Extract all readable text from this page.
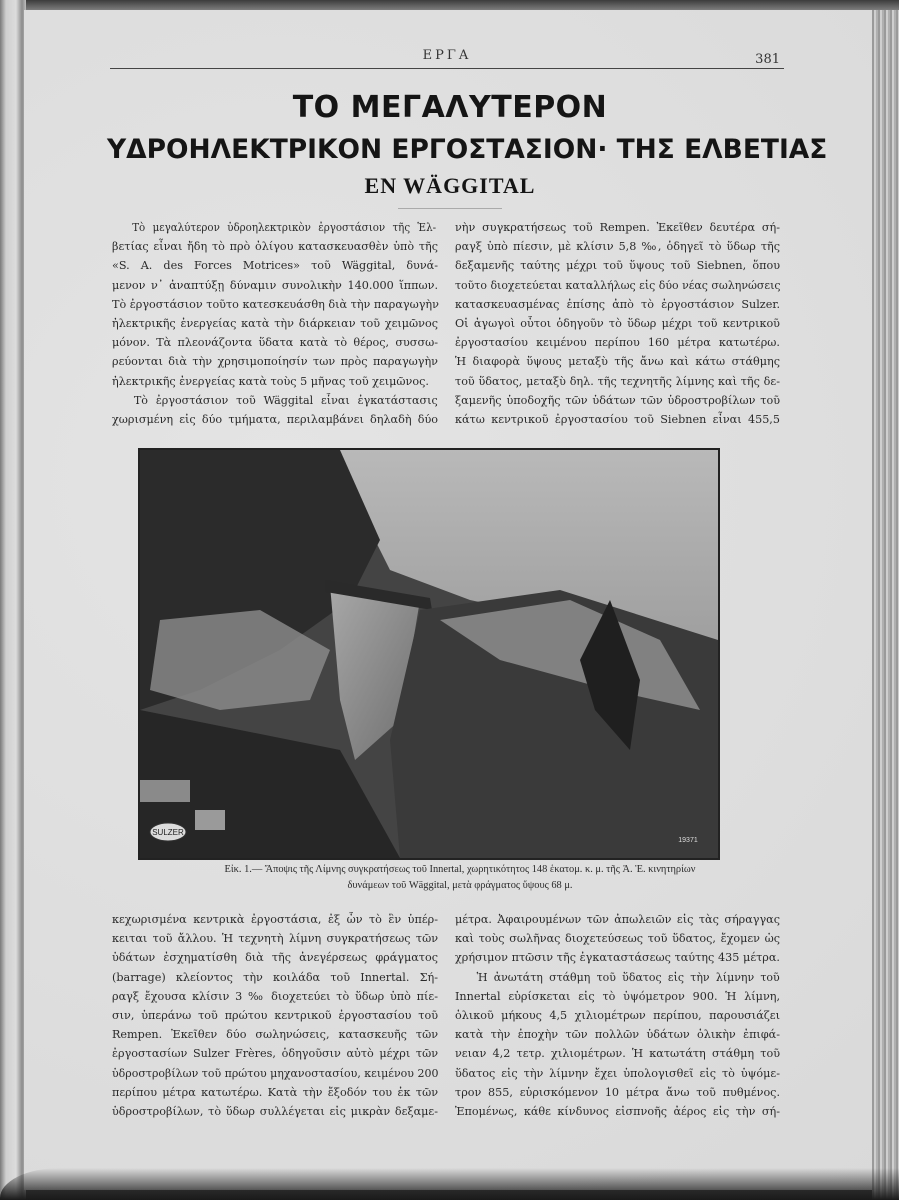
ΕΡΓΑ	381
ΤΟ ΜΕΓΑΛΥΤΕΡΟΝ
ΥΔΡΟΗΛΕΚΤΡΙΚΟΝ ΕΡΓΟΣΤΑΣΙΟΝ· ΤΗΣ ΕΛΒΕΤΙΑΣ
EN WÄGGITAL
Τὸ μεγαλύτερον ὑδροηλεκτρικὸν ἐργοστάσιον τῆς Ἑλ-
βετίας εἶναι ἤδη τὸ πρὸ ὀλίγου κατασκευασθὲν ὑπὸ τῆς
«S. A. des Forces Motrices» τοῦ Wäggital, δυνά-
μενον ν᾽ ἀναπτύξῃ δύναμιν συνολικὴν 140.000 ἵππων.
Τὸ ἐργοστάσιον τοῦτο κατεσκευάσθη διὰ τὴν παραγωγὴν
ἠλεκτρικῆς ἐνεργείας κατὰ τὴν διάρκειαν τοῦ χειμῶνος
μόνον. Τὰ πλεονάζοντα ὕδατα κατὰ τὸ θέρος, συσσω-
ρεύονται διὰ τὴν χρησιμοποίησίν των πρὸς παραγωγὴν
ἠλεκτρικῆς ἐνεργείας κατὰ τοὺς 5 μῆνας τοῦ χειμῶνος.
Τὸ ἐργοστάσιον τοῦ Wäggital εἶναι ἐγκατάστασις
χωρισμένη εἰς δύο τμήματα, περιλαμβάνει δηλαδὴ δύο
νὴν συγκρατήσεως τοῦ Rempen. Ἐκεῖθεν δευτέρα σή-
ραγξ ὑπὸ πίεσιν, μὲ κλίσιν 5,8 ‰, ὁδηγεῖ τὸ ὕδωρ τῆς
δεξαμενῆς ταύτης μέχρι τοῦ ὕψους τοῦ Siebnen, ὅπου
τοῦτο διοχετεύεται καταλλήλως εἰς δύο νέας σωληνώσεις
κατασκευασμένας ἐπίσης ἀπὸ τὸ ἐργοστάσιον Sulzer.
Οἱ ἀγωγοὶ οὗτοι ὁδηγοῦν τὸ ὕδωρ μέχρι τοῦ κεντρικοῦ
ἐργοστασίου κειμένου περίπου 160 μέτρα κατωτέρω.
Ἡ διαφορὰ ὕψους μεταξὺ τῆς ἄνω καὶ κάτω στάθμης
τοῦ ὕδατος, μεταξὺ δηλ. τῆς τεχνητῆς λίμνης καὶ τῆς δε-
ξαμενῆς ὑποδοχῆς τῶν ὑδάτων τῶν ὑδροστροβίλων τοῦ
κάτω κεντρικοῦ ἐργοστασίου τοῦ Siebnen εἶναι 455,5
SULZER
19371
Εἰκ. 1.— Ἄποψις τῆς Λίμνης συγκρατήσεως τοῦ Innertal, χωρητικότητος 148 ἑκατομ. κ. μ. τῆς Ἀ. Ἑ. κινητηρίων
δυνάμεων τοῦ Wäggital, μετὰ φράγματος ὕψους 68 μ.
κεχωρισμένα κεντρικὰ ἐργοστάσια, ἐξ ὧν τὸ ἓν ὑπέρ-
κειται τοῦ ἄλλου. Ἡ τεχνητὴ λίμνη συγκρατήσεως τῶν
ὑδάτων ἐσχηματίσθη διὰ τῆς ἀνεγέρσεως φράγματος
(barrage) κλείοντος τὴν κοιλάδα τοῦ Innertal. Σή-
ραγξ ἔχουσα κλίσιν 3 ‰ διοχετεύει τὸ ὕδωρ ὑπὸ πίε-
σιν, ὑπεράνω τοῦ πρώτου κεντρικοῦ ἐργοστασίου τοῦ
Rempen. Ἐκεῖθεν δύο σωληνώσεις, κατασκευῆς τῶν
ἐργοστασίων Sulzer Frères, ὁδηγοῦσιν αὐτὸ μέχρι τῶν
ὑδροστροβίλων τοῦ πρώτου μηχανοστασίου, κειμένου 200
περίπου μέτρα κατωτέρω. Κατὰ τὴν ἔξοδόν του ἐκ τῶν
ὑδροστροβίλων, τὸ ὕδωρ συλλέγεται εἰς μικρὰν δεξαμε-
μέτρα. Ἀφαιρουμένων τῶν ἀπωλειῶν εἰς τὰς σήραγγας
καὶ τοὺς σωλῆνας διοχετεύσεως τοῦ ὕδατος, ἔχομεν ὡς
χρήσιμον πτῶσιν τῆς ἐγκαταστάσεως ταύτης 435 μέτρα.
Ἡ ἀνωτάτη στάθμη τοῦ ὕδατος εἰς τὴν λίμνην τοῦ
Innertal εὑρίσκεται εἰς τὸ ὑψόμετρον 900. Ἡ λίμνη,
ὁλικοῦ μήκους 4,5 χιλιομέτρων περίπου, παρουσιάζει
κατὰ τὴν ἐποχὴν τῶν πολλῶν ὑδάτων ὁλικὴν ἐπιφά-
νειαν 4,2 τετρ. χιλιομέτρων. Ἡ κατωτάτη στάθμη τοῦ
ὕδατος εἰς τὴν λίμνην ἔχει ὑπολογισθεῖ εἰς τὸ ὑψόμε-
τρον 855, εὑρισκόμενον 10 μέτρα ἄνω τοῦ πυθμένος.
Ἐπομένως, κάθε κίνδυνος εἰσπνοῆς ἀέρος εἰς τὴν σή-
